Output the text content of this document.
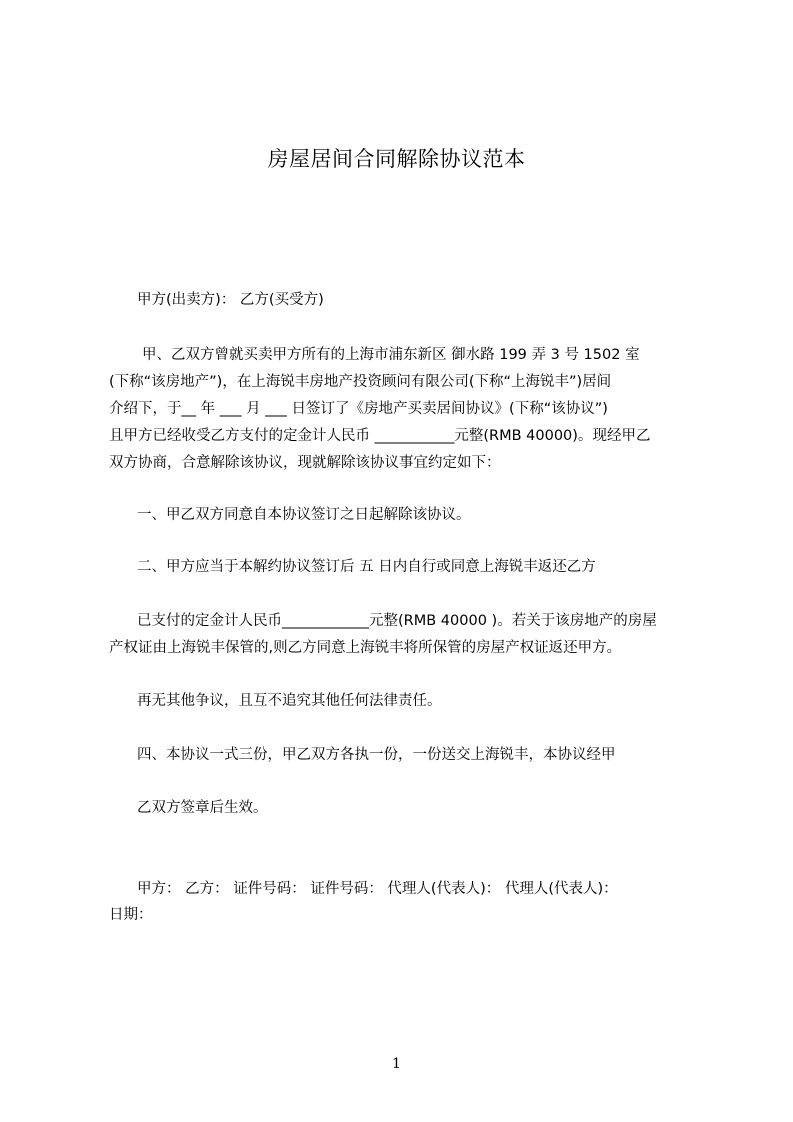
房屋居间合同解除协议范本
甲方(出卖方)： 乙方(买受方)
甲、乙双方曾就买卖甲方所有的上海市浦东新区 御水路 199 弄 3 号 1502 室
(下称“该房地产”)，在上海锐丰房地产投资顾问有限公司(下称“上海锐丰”)居间
介绍下，于__ 年 ___ 月 ___ 日签订了《房地产买卖居间协议》(下称“该协议”)
且甲方已经收受乙方支付的定金计人民币 ___________元整(RMB 40000)。现经甲乙
双方协商，合意解除该协议，现就解除该协议事宜约定如下：
一、甲乙双方同意自本协议签订之日起解除该协议。
二、甲方应当于本解约协议签订后 五 日内自行或同意上海锐丰返还乙方
已支付的定金计人民币____________元整(RMB 40000 )。若关于该房地产的房屋
产权证由上海锐丰保管的,则乙方同意上海锐丰将所保管的房屋产权证返还甲方。
再无其他争议，且互不追究其他任何法律责任。
四、本协议一式三份，甲乙双方各执一份，一份送交上海锐丰，本协议经甲
乙双方签章后生效。
甲方： 乙方： 证件号码： 证件号码： 代理人(代表人)： 代理人(代表人)：
日期：
1
